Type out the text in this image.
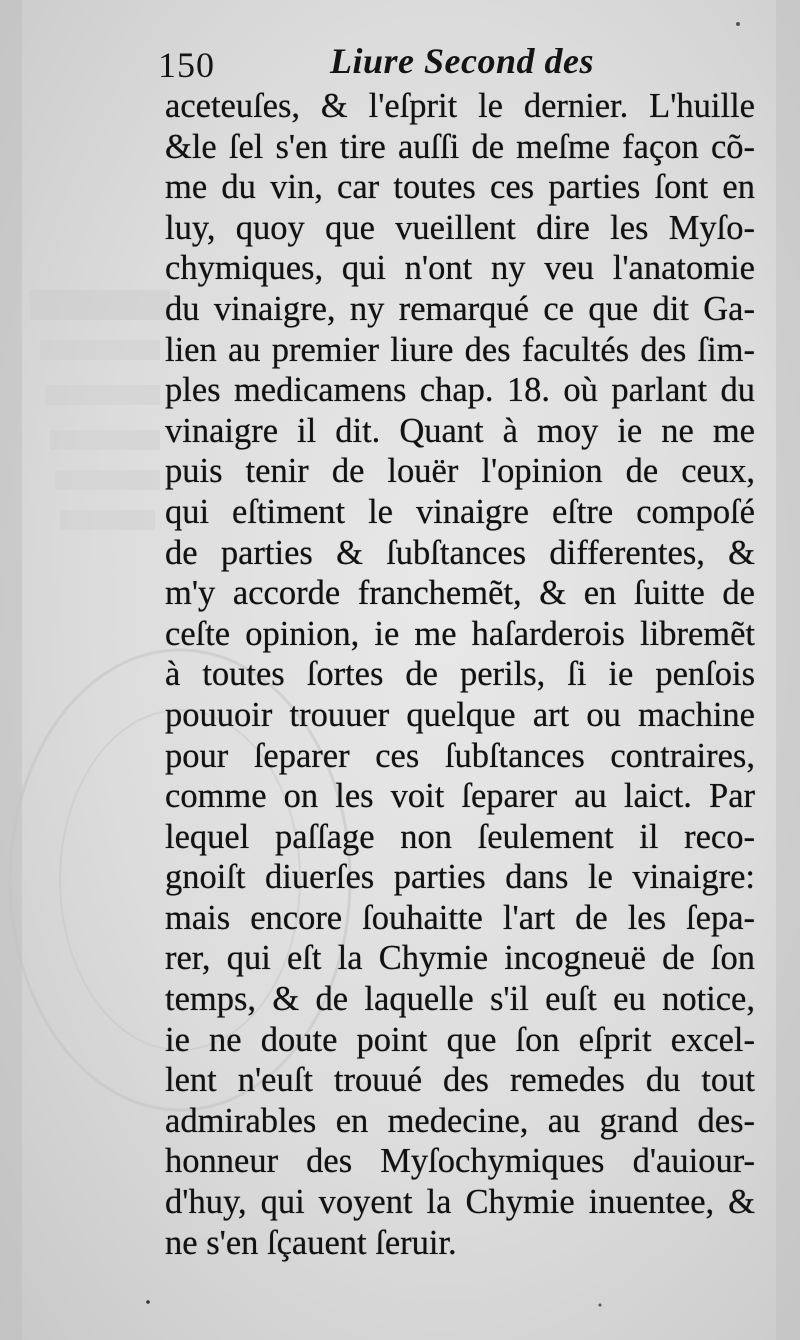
150	Liure Second des
aceteuſes, & l'eſprit le dernier. L'huille
&le ſel s'en tire auſſi de meſme façon cõ-
me du vin, car toutes ces parties ſont en
luy, quoy que vueillent dire les Myſo-
chymiques, qui n'ont ny veu l'anatomie
du vinaigre, ny remarqué ce que dit Ga-
lien au premier liure des facultés des ſim-
ples medicamens chap. 18. où parlant du
vinaigre il dit. Quant à moy ie ne me
puis tenir de louër l'opinion de ceux,
qui eſtiment le vinaigre eſtre compoſé
de parties & ſubſtances differentes, &
m'y accorde franchemẽt, & en ſuitte de
ceſte opinion, ie me haſarderois libremẽt
à toutes ſortes de perils, ſi ie penſois
pouuoir trouuer quelque art ou machine
pour ſeparer ces ſubſtances contraires,
comme on les voit ſeparer au laict. Par
lequel paſſage non ſeulement il reco-
gnoiſt diuerſes parties dans le vinaigre:
mais encore ſouhaitte l'art de les ſepa-
rer, qui eſt la Chymie incogneuë de ſon
temps, & de laquelle s'il euſt eu notice,
ie ne doute point que ſon eſprit excel-
lent n'euſt trouué des remedes du tout
admirables en medecine, au grand des-
honneur des Myſochymiques d'auiour-
d'huy, qui voyent la Chymie inuentee, &
ne s'en ſçauent ſeruir.
